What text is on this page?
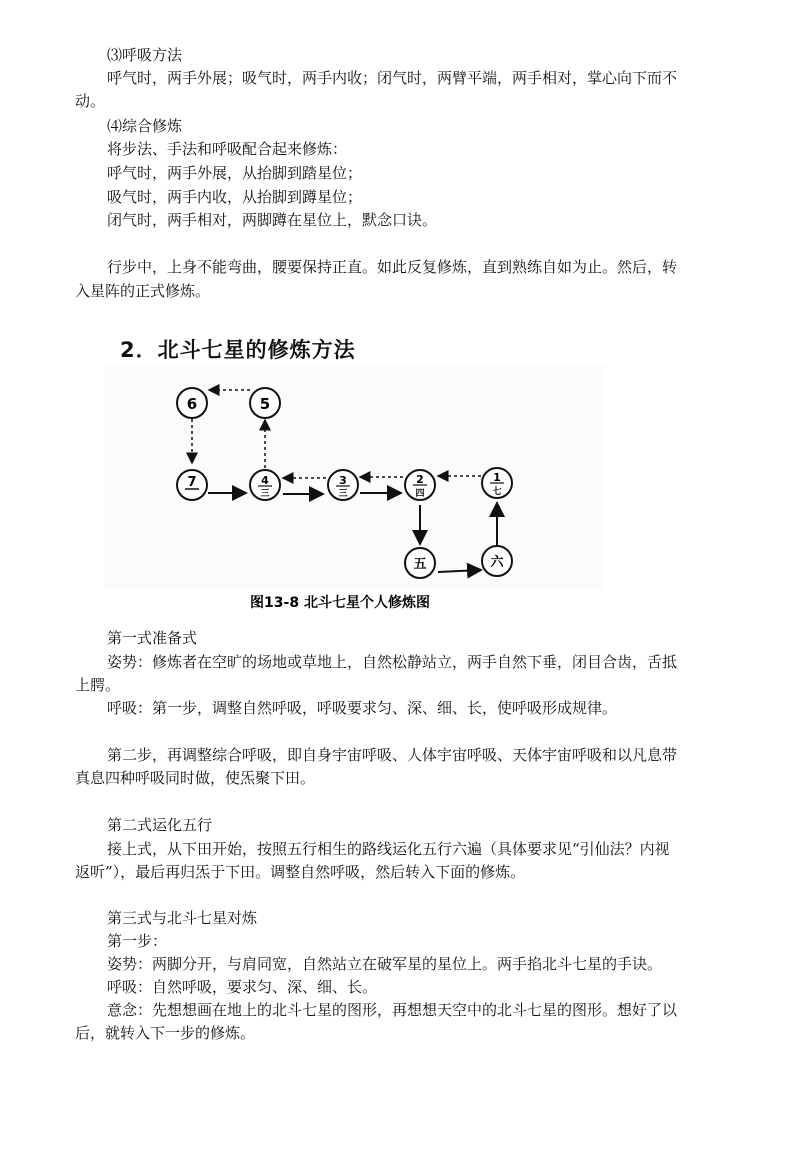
⑶呼吸方法
呼气时，两手外展；吸气时，两手内收；闭气时，两臂平端，两手相对，掌心向下而不
动。
⑷综合修炼
将步法、手法和呼吸配合起来修炼：
呼气时，两手外展，从抬脚到踏星位；
吸气时，两手内收，从抬脚到蹲星位；
闭气时，两手相对，两脚蹲在星位上，默念口诀。
行步中，上身不能弯曲，腰要保持正直。如此反复修炼，直到熟练自如为止。然后，转
入星阵的正式修炼。
2．北斗七星的修炼方法
6	5
7	4
三
3
三
2
四
1
七
五	六
图13-8 北斗七星个人修炼图
第一式准备式
姿势：修炼者在空旷的场地或草地上，自然松静站立，两手自然下垂，闭目合齿，舌抵
上腭。
呼吸：第一步，调整自然呼吸，呼吸要求匀、深、细、长，使呼吸形成规律。
第二步，再调整综合呼吸，即自身宇宙呼吸、人体宇宙呼吸、天体宇宙呼吸和以凡息带
真息四种呼吸同时做，使炁聚下田。
第二式运化五行
接上式，从下田开始，按照五行相生的路线运化五行六遍（具体要求见“引仙法？内视
返听”），最后再归炁于下田。调整自然呼吸，然后转入下面的修炼。
第三式与北斗七星对炼
第一步：
姿势：两脚分开，与肩同宽，自然站立在破军星的星位上。两手掐北斗七星的手诀。
呼吸：自然呼吸，要求匀、深、细、长。
意念：先想想画在地上的北斗七星的图形，再想想天空中的北斗七星的图形。想好了以
后，就转入下一步的修炼。
